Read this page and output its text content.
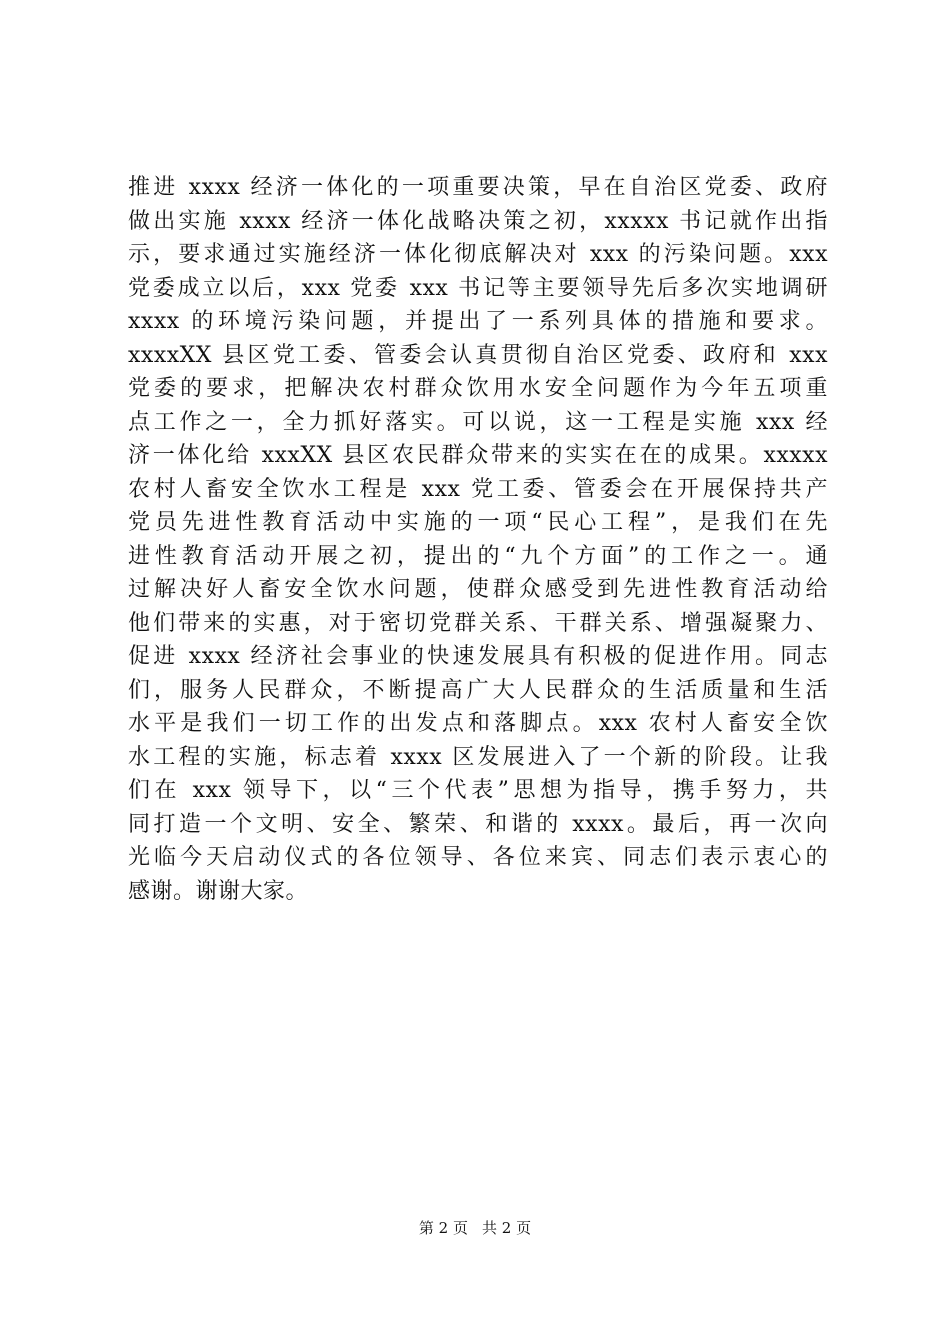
推进 xxxx 经济一体化的一项重要决策，早在自治区党委、政府
做出实施 xxxx 经济一体化战略决策之初，xxxxx 书记就作出指
示，要求通过实施经济一体化彻底解决对 xxx 的污染问题。xxx
党委成立以后，xxx 党委 xxx 书记等主要领导先后多次实地调研
xxxx 的环境污染问题，并提出了一系列具体的措施和要求。
xxxxXX 县区党工委、管委会认真贯彻自治区党委、政府和 xxx
党委的要求，把解决农村群众饮用水安全问题作为今年五项重
点工作之一，全力抓好落实。可以说，这一工程是实施 xxx 经
济一体化给 xxxXX 县区农民群众带来的实实在在的成果。xxxxx
农村人畜安全饮水工程是 xxx 党工委、管委会在开展保持共产
党员先进性教育活动中实施的一项“民心工程”，是我们在先
进性教育活动开展之初，提出的“九个方面”的工作之一。通
过解决好人畜安全饮水问题，使群众感受到先进性教育活动给
他们带来的实惠，对于密切党群关系、干群关系、增强凝聚力、
促进 xxxx 经济社会事业的快速发展具有积极的促进作用。同志
们，服务人民群众，不断提高广大人民群众的生活质量和生活
水平是我们一切工作的出发点和落脚点。xxx 农村人畜安全饮
水工程的实施，标志着 xxxx 区发展进入了一个新的阶段。让我
们在 xxx 领导下，以“三个代表”思想为指导，携手努力，共
同打造一个文明、安全、繁荣、和谐的 xxxx。最后，再一次向
光临今天启动仪式的各位领导、各位来宾、同志们表示衷心的
感谢。谢谢大家。
第 2 页 共 2 页
